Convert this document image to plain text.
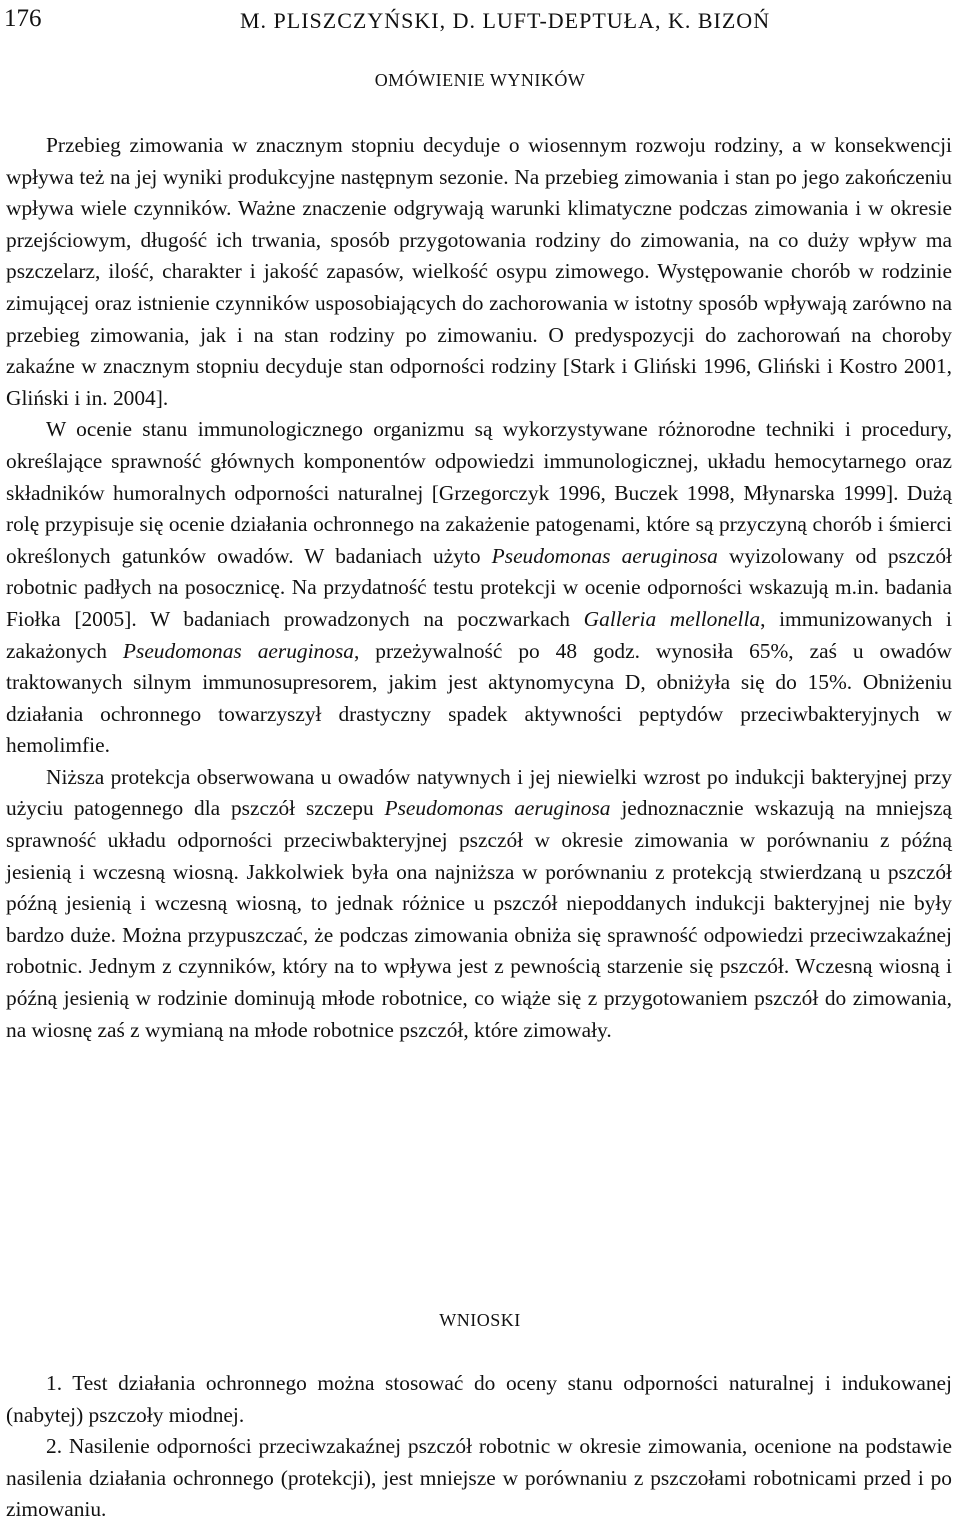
176	M. PLISZCZYŃSKI, D. LUFT-DEPTUŁA, K. BIZOŃ
OMÓWIENIE WYNIKÓW

Przebieg zimowania w znacznym stopniu decyduje o wiosennym rozwoju rodziny, a w konsekwencji wpływa też na jej wyniki produkcyjne następnym sezonie. Na przebieg zimowania i stan po jego zakończeniu wpływa wiele czynników. Ważne znaczenie odgrywają warunki klimatyczne podczas zimowania i w okresie przejściowym, długość ich trwania, sposób przygotowania rodziny do zimowania, na co duży wpływ ma pszczelarz, ilość, charakter i jakość zapasów, wielkość osypu zimowego. Występowanie chorób w rodzinie zimującej oraz istnienie czynników usposobiających do zachorowania w istotny sposób wpływają zarówno na przebieg zimowania, jak i na stan rodziny po zimowaniu. O predyspozycji do zachorowań na choroby zakaźne w znacznym stopniu decyduje stan odporności rodziny [Stark i Gliński 1996, Gliński i Kostro 2001, Gliński i in. 2004].

W ocenie stanu immunologicznego organizmu są wykorzystywane różnorodne techniki i procedury, określające sprawność głównych komponentów odpowiedzi immunologicznej, układu hemocytarnego oraz składników humoralnych odporności naturalnej [Grzegorczyk 1996, Buczek 1998, Młynarska 1999]. Dużą rolę przypisuje się ocenie działania ochronnego na zakażenie patogenami, które są przyczyną chorób i śmierci określonych gatunków owadów. W badaniach użyto Pseudomonas aeruginosa wyizolowany od pszczół robotnic padłych na posocznicę. Na przydatność testu protekcji w ocenie odporności wskazują m.in. badania Fiołka [2005]. W badaniach prowadzonych na poczwarkach Galleria mellonella, immunizowanych i zakażonych Pseudomonas aeruginosa, przeżywalność po 48 godz. wynosiła 65%, zaś u owadów traktowanych silnym immunosupresorem, jakim jest aktynomycyna D, obniżyła się do 15%. Obniżeniu działania ochronnego towarzyszył drastyczny spadek aktywności peptydów przeciwbakteryjnych w hemolimfie.

Niższa protekcja obserwowana u owadów natywnych i jej niewielki wzrost po indukcji bakteryjnej przy użyciu patogennego dla pszczół szczepu Pseudomonas aeruginosa jednoznacznie wskazują na mniejszą sprawność układu odporności przeciwbakteryjnej pszczół w okresie zimowania w porównaniu z późną jesienią i wczesną wiosną. Jakkolwiek była ona najniższa w porównaniu z protekcją stwierdzaną u pszczół późną jesienią i wczesną wiosną, to jednak różnice u pszczół niepoddanych indukcji bakteryjnej nie były bardzo duże. Można przypuszczać, że podczas zimowania obniża się sprawność odpowiedzi przeciwzakaźnej robotnic. Jednym z czynników, który na to wpływa jest z pewnością starzenie się pszczół. Wczesną wiosną i późną jesienią w rodzinie dominują młode robotnice, co wiąże się z przygotowaniem pszczół do zimowania, na wiosnę zaś z wymianą na młode robotnice pszczół, które zimowały.

WNIOSKI

1. Test działania ochronnego można stosować do oceny stanu odporności naturalnej i indukowanej (nabytej) pszczoły miodnej.

2. Nasilenie odporności przeciwzakaźnej pszczół robotnic w okresie zimowania, ocenione na podstawie nasilenia działania ochronnego (protekcji), jest mniejsze w porównaniu z pszczołami robotnicami przed i po zimowaniu.
